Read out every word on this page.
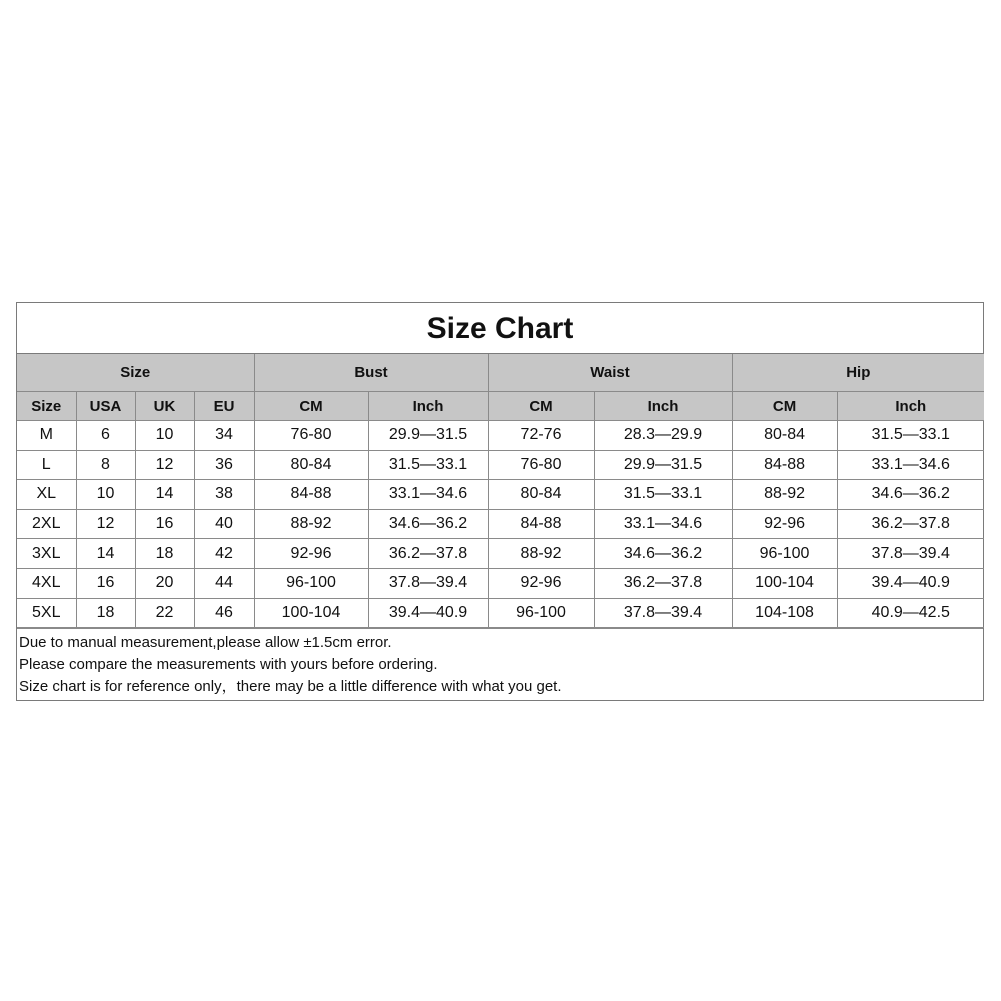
Size Chart
Size				Bust		Waist		Hip	
Size	USA	UK	EU	CM	Inch	CM	Inch	CM	Inch
M	6	10	34	76-80	29.9—31.5	72-76	28.3—29.9	80-84	31.5—33.1
L	8	12	36	80-84	31.5—33.1	76-80	29.9—31.5	84-88	33.1—34.6
XL	10	14	38	84-88	33.1—34.6	80-84	31.5—33.1	88-92	34.6—36.2
2XL	12	16	40	88-92	34.6—36.2	84-88	33.1—34.6	92-96	36.2—37.8
3XL	14	18	42	92-96	36.2—37.8	88-92	34.6—36.2	96-100	37.8—39.4
4XL	16	20	44	96-100	37.8—39.4	92-96	36.2—37.8	100-104	39.4—40.9
5XL	18	22	46	100-104	39.4—40.9	96-100	37.8—39.4	104-108	40.9—42.5
Due to manual measurement,please allow ±1.5cm error.
Please compare the measurements with yours before ordering.
Size chart is for reference only，there may be a little difference with what you get.
